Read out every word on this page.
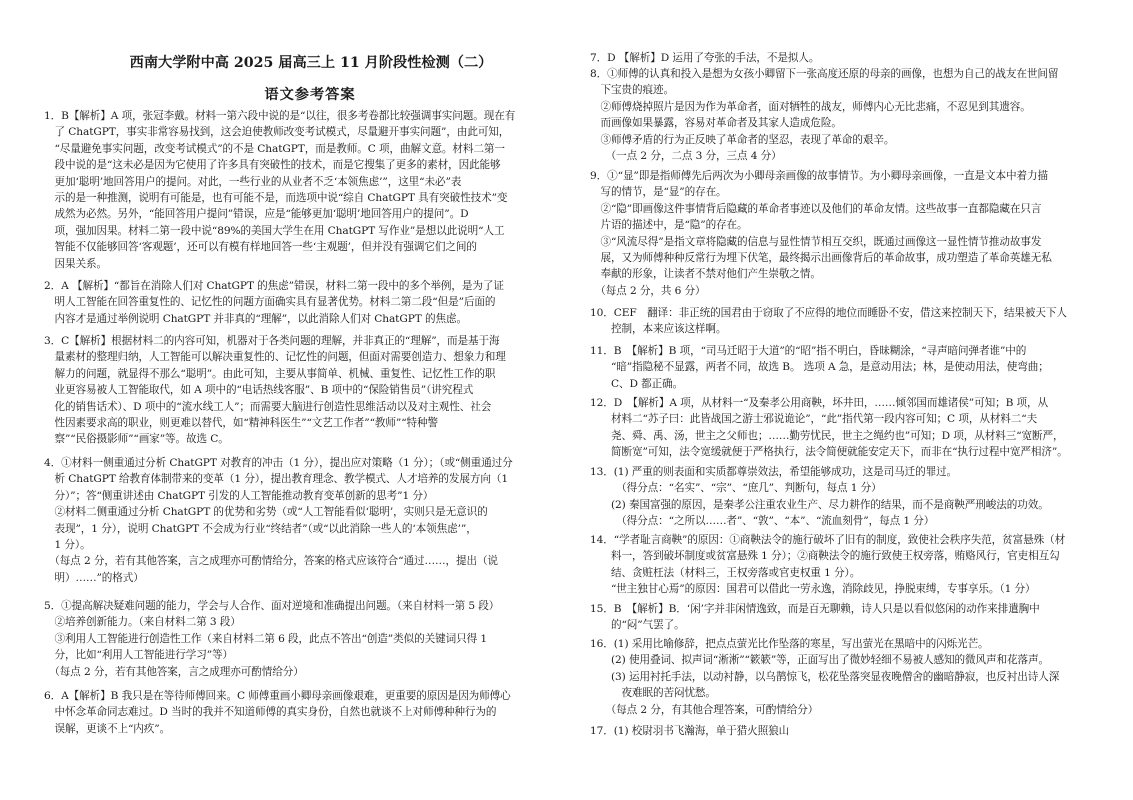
西南大学附中高 2025 届高三上 11 月阶段性检测（二）
语文参考答案
1．B【解析】A 项，张冠李戴。材料一第六段中说的是“以往，很多考卷都比较强调事实问题。现在有
　了 ChatGPT，事实非常容易找到，这会迫使教师改变考试模式，尽量避开事实问题”，由此可知，
　“尽量避免事实问题，改变考试模式”的不是 ChatGPT，而是教师。C 项，曲解文意。材料二第一
　段中说的是“这未必是因为它使用了许多具有突破性的技术，而是它搜集了更多的素材，因此能够
　更加‘聪明’地回答用户的提问。对此，一些行业的从业者不乏‘本领焦虑’”，这里“未必”表
　示的是一种推测，说明有可能是，也有可能不是，而选项中说“综自 ChatGPT 具有突破性技术”变
　成然为必然。另外，“能回答用户提问”错误，应是“能够更加‘聪明’地回答用户的提问”。D
　项，强加因果。材料二第一段中说“89%的美国大学生在用 ChatGPT 写作业”是想以此说明“人工
　智能不仅能够回答‘客观题’，还可以有模有样地回答一些‘主观题’，但并没有强调它们之间的
　因果关系。
2．A 【解析】“都旨在消除人们对 ChatGPT 的焦虑”错误，材料二第一段中的多个举例，是为了证
　明人工智能在回答重复性的、记忆性的问题方面确实具有显著优势。材料二第二段“但是”后面的
　内容才是通过举例说明 ChatGPT 并非真的“理解”，以此消除人们对 ChatGPT 的焦虑。
3．C【解析】根据材料二的内容可知，机器对于各类问题的理解，并非真正的“理解”，而是基于海
　量素材的整理归纳，人工智能可以解决重复性的、记忆性的问题，但面对需要创造力、想象力和理
　解力的问题，就显得不那么“聪明”。由此可知，主要从事简单、机械、重复性、记忆性工作的职
　业更容易被人工智能取代，如 A 项中的“电话热线客服”、B 项中的“保险销售员”（讲究程式
　化的销售话术）、D 项中的“流水线工人”；而需要大脑进行创造性思维活动以及对主观性、社会
　性因素要求高的职业，则更难以替代，如“精神科医生”“文艺工作者”“教师”“特种警
　察”“民俗摄影师”“画家”等。故选 C。
4．①材料一侧重通过分析 ChatGPT 对教育的冲击（1 分），提出应对策略（1 分）；（或“侧重通过分
　析 ChatGPT 给教育体制带来的变革（1 分），提出教育理念、教学模式、人才培养的发展方向（1
　分）”；答“侧重讲述由 ChatGPT 引发的人工智能推动教育变革创新的思考”1 分）
　②材料二侧重通过分析 ChatGPT 的优势和劣势（或“人工智能看似‘聪明’，实则只是无意识的
　表现”，1 分），说明 ChatGPT 不会成为行业“终结者”（或“以此消除一些人的‘本领焦虑’”，
　1 分）。
　（每点 2 分，若有其他答案，言之成理亦可酌情给分，答案的格式应该符合“通过……，提出（说
　明）……”的格式）
5．①提高解决疑难问题的能力，学会与人合作、面对逆境和准确提出问题。（来自材料一第 5 段）
　②培养创新能力。（来自材料二第 3 段）
　③利用人工智能进行创造性工作（来自材料二第 6 段，此点不答出“创造”类似的关键词只得 1
　分，比如“利用人工智能进行学习”等）
　（每点 2 分，若有其他答案，言之成理亦可酌情给分）
6．A【解析】B 我只是在等待师傅回来。C 师傅重画小卿母亲画像艰难，更重要的原因是因为师傅心
　中怀念革命同志难过。D 当时的我并不知道师傅的真实身份，自然也就谈不上对师傅种种行为的
　误解，更谈不上“内疚”。
7．D 【解析】D 运用了夸张的手法，不是拟人。
8．①师傅的认真和投入是想为女孩小卿留下一张高度还原的母亲的画像，也想为自己的战友在世间留
　下宝贵的痕迹。
　②师傅烧掉照片是因为作为革命者，面对牺牲的战友，师傅内心无比悲痛，不忍见到其遗容。
　而画像如果暴露，容易对革命者及其家人造成危险。
　③师傅矛盾的行为正反映了革命者的坚忍，表现了革命的艰辛。
　　（一点 2 分，二点 3 分，三点 4 分）
9．①“显”即是指师傅先后两次为小卿母亲画像的故事情节。为小卿母亲画像，一直是文本中着力描
　写的情节，是“显”的存在。
　②“隐”即画像这件事情背后隐藏的革命者事迹以及他们的革命友情。这些故事一直都隐藏在只言
　片语的描述中，是“隐”的存在。
　③“风流尽得”是指文章将隐藏的信息与显性情节相互交织，既通过画像这一显性情节推动故事发
　展，又为师傅种种反常行为埋下伏笔，最终揭示出画像背后的革命故事，成功塑造了革命英雄无私
　奉献的形象，让读者不禁对他们产生崇敬之情。
　（每点 2 分，共 6 分）
10．CEF　翻译：非正统的国君由于窃取了不应得的地位而睡卧不安，借这来控制天下，结果被天下人
　　控制，本来应该这样啊。
11．B　【解析】B 项，“司马迁昭于大道”的“昭”指不明白，昏昧糊涂，“寻声暗问弹者谁”中的
　　“暗”指隐秘不显露，两者不同，故选 B。 选项 A 急，是意动用法；林，是使动用法，使弯曲；
　　C、D 都正确。
12．D　【解析】A 项，从材料一“及秦孝公用商鞅，坏井田，……倾邻国而雄诸侯”可知；B 项，从
　　材料二“苏子曰：此皆战国之游士邪说诡论”，“此”指代第一段内容可知；C 项，从材料二“夫
　　尧、舜、禹、汤，世主之父师也；……勤劳忧民，世主之绳约也”可知；D 项，从材料三“宽断严，
　　简断宽”可知，法令宽缓就便于严格执行，法令简便就能安定天下，而非在“执行过程中宽严相济”。
13．(1) 严重的则表面和实质都尊崇效法，希望能够成功，这是司马迁的罪过。
　　　（得分点：“名实”、“宗”、“庶几”、判断句，每点 1 分）
　　(2) 秦国富强的原因，是秦孝公注重农业生产、尽力耕作的结果，而不是商鞅严刑峻法的功效。
　　　（得分点：“之所以……者”、“敦”、“本”、“流血刻骨”，每点 1 分）
14．“学者耻言商鞅”的原因：①商鞅法令的施行破坏了旧有的制度，致使社会秩序失范，贫富悬殊（材
　　料一，答到破坏制度或贫富悬殊 1 分）；②商鞅法令的施行致使王权旁落，贿赂风行，官吏相互勾
　　结、贪赃枉法（材料三，王权旁落或官吏权重 1 分）。
　　“世主独甘心焉”的原因：国君可以借此一劳永逸，消除歧见，挣脱束缚，专事享乐。（1 分）
15．B　【解析】B．‘闲’字并非闲情逸致，而是百无聊赖，诗人只是以看似悠闲的动作来排遣胸中
　　的“闷”气罢了。
16．(1) 采用比喻修辞，把点点萤光比作坠落的寒星，写出萤光在黑暗中的闪烁光芒。
　　(2) 使用叠词、拟声词“淅淅”“簌簌”等，正面写出了微妙轻细不易被人感知的微风声和花落声。
　　(3) 运用衬托手法，以动衬静，以乌鹊惊飞，松花坠落突显夜晚僧舍的幽暗静寂，也反衬出诗人深
　　　夜难眠的苦闷忧愁。
　　（每点 2 分，有其他合理答案，可酌情给分）
17．(1) 校尉羽书飞瀚海，单于猎火照狼山
